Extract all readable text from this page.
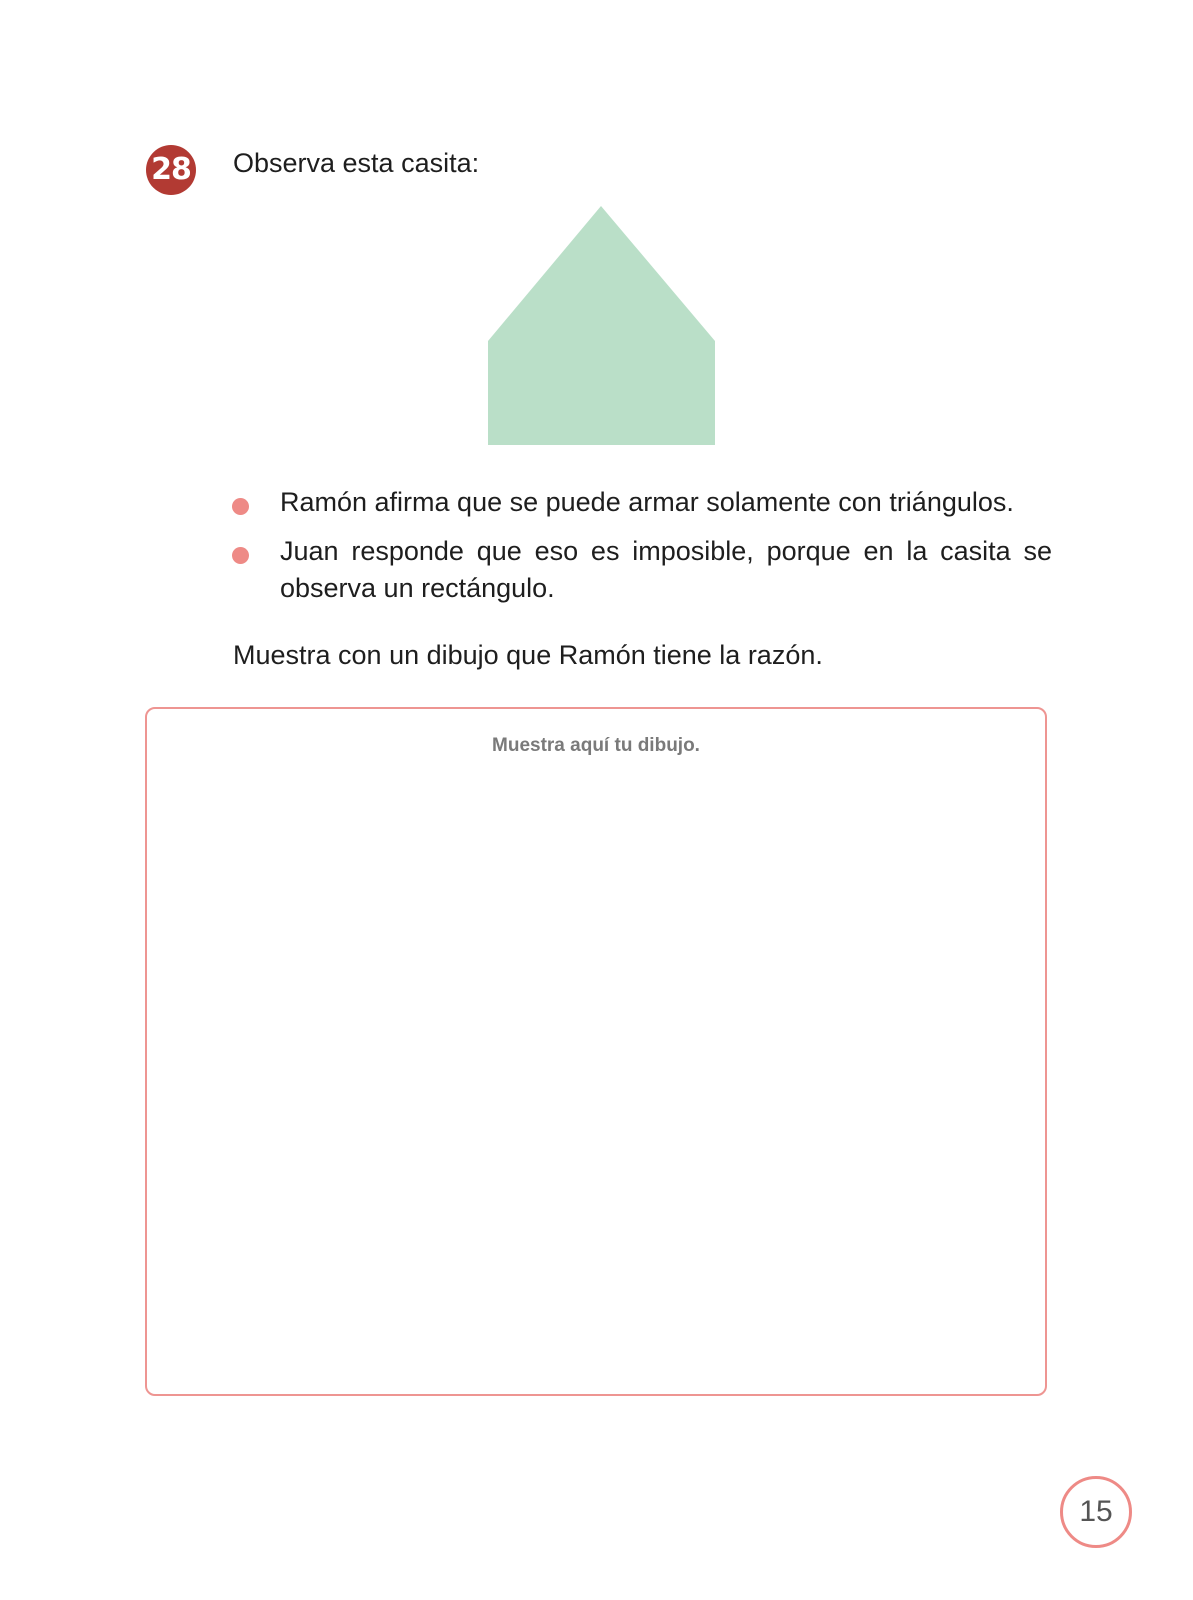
28 Observa esta casita:

Ramón afirma que se puede armar solamente con triángulos.
Juan responde que eso es imposible, porque en la casita se observa un rectángulo.

Muestra con un dibujo que Ramón tiene la razón.

Muestra aquí tu dibujo.
15
